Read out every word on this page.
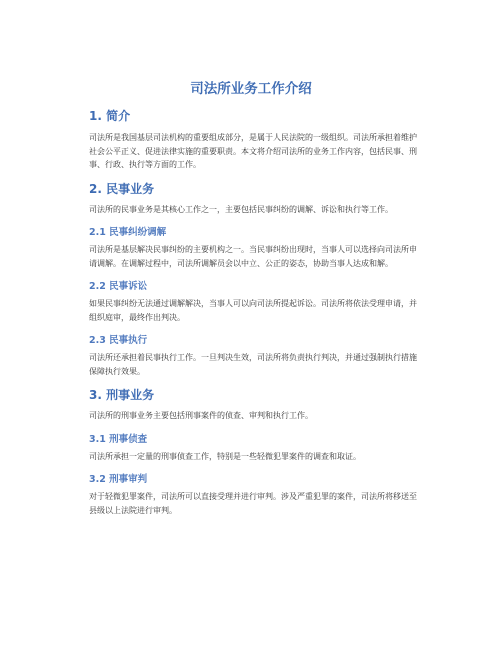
司法所业务工作介绍
1. 简介

司法所是我国基层司法机构的重要组成部分，是属于人民法院的一级组织。司法所承担着维护社会公平正义、促进法律实施的重要职责。本文将介绍司法所的业务工作内容，包括民事、刑事、行政、执行等方面的工作。

2. 民事业务

司法所的民事业务是其核心工作之一，主要包括民事纠纷的调解、诉讼和执行等工作。

2.1 民事纠纷调解

司法所是基层解决民事纠纷的主要机构之一。当民事纠纷出现时，当事人可以选择向司法所申请调解。在调解过程中，司法所调解员会以中立、公正的姿态，协助当事人达成和解。

2.2 民事诉讼

如果民事纠纷无法通过调解解决，当事人可以向司法所提起诉讼。司法所将依法受理申请，并组织庭审，最终作出判决。

2.3 民事执行

司法所还承担着民事执行工作。一旦判决生效，司法所将负责执行判决，并通过强制执行措施保障执行效果。

3. 刑事业务

司法所的刑事业务主要包括刑事案件的侦查、审判和执行工作。

3.1 刑事侦查

司法所承担一定量的刑事侦查工作，特别是一些轻微犯罪案件的调查和取证。

3.2 刑事审判

对于轻微犯罪案件，司法所可以直接受理并进行审判。涉及严重犯罪的案件，司法所将移送至县级以上法院进行审判。
